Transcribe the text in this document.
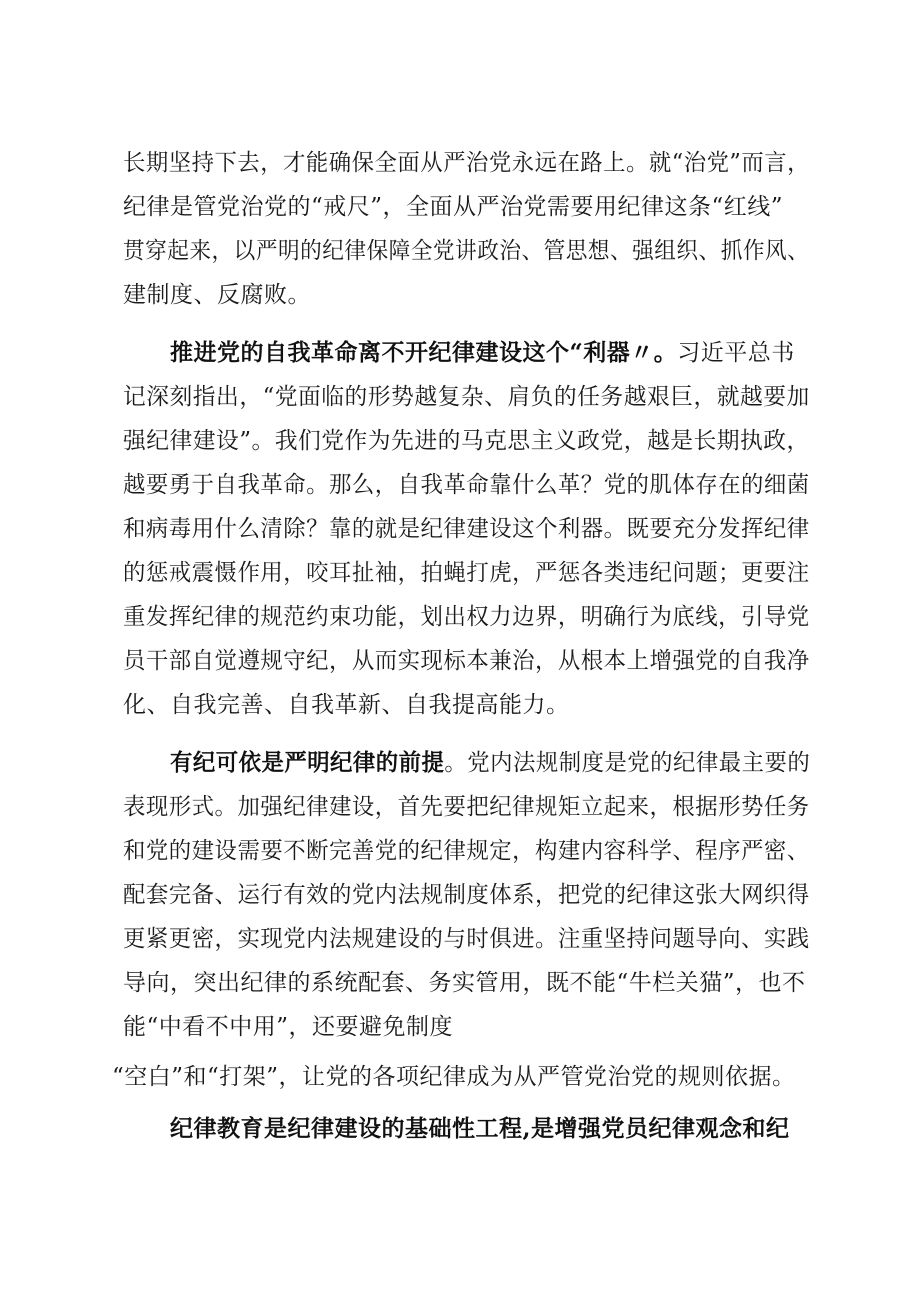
长期坚持下去，才能确保全面从严治党永远在路上。就“治党”而言，
纪律是管党治党的“戒尺”，全面从严治党需要用纪律这条“红线”
贯穿起来，以严明的纪律保障全党讲政治、管思想、强组织、抓作风、
建制度、反腐败。
推进党的自我革命离不开纪律建设这个“利器〃。习近平总书
记深刻指出，“党面临的形势越复杂、肩负的任务越艰巨，就越要加
强纪律建设”。我们党作为先进的马克思主义政党，越是长期执政，
越要勇于自我革命。那么，自我革命靠什么革？党的肌体存在的细菌
和病毒用什么清除？靠的就是纪律建设这个利器。既要充分发挥纪律
的惩戒震慑作用，咬耳扯袖，拍蝇打虎，严惩各类违纪问题；更要注
重发挥纪律的规范约束功能，划出权力边界，明确行为底线，引导党
员干部自觉遵规守纪，从而实现标本兼治，从根本上增强党的自我净
化、自我完善、自我革新、自我提高能力。
有纪可依是严明纪律的前提。党内法规制度是党的纪律最主要的
表现形式。加强纪律建设，首先要把纪律规矩立起来，根据形势任务
和党的建设需要不断完善党的纪律规定，构建内容科学、程序严密、
配套完备、运行有效的党内法规制度体系，把党的纪律这张大网织得
更紧更密，实现党内法规建设的与时俱进。注重坚持问题导向、实践
导向，突出纪律的系统配套、务实管用，既不能“牛栏关猫”，也不
能“中看不中用”，还要避免制度
“空白”和“打架”，让党的各项纪律成为从严管党治党的规则依据。
纪律教育是纪律建设的基础性工程,是增强党员纪律观念和纪
